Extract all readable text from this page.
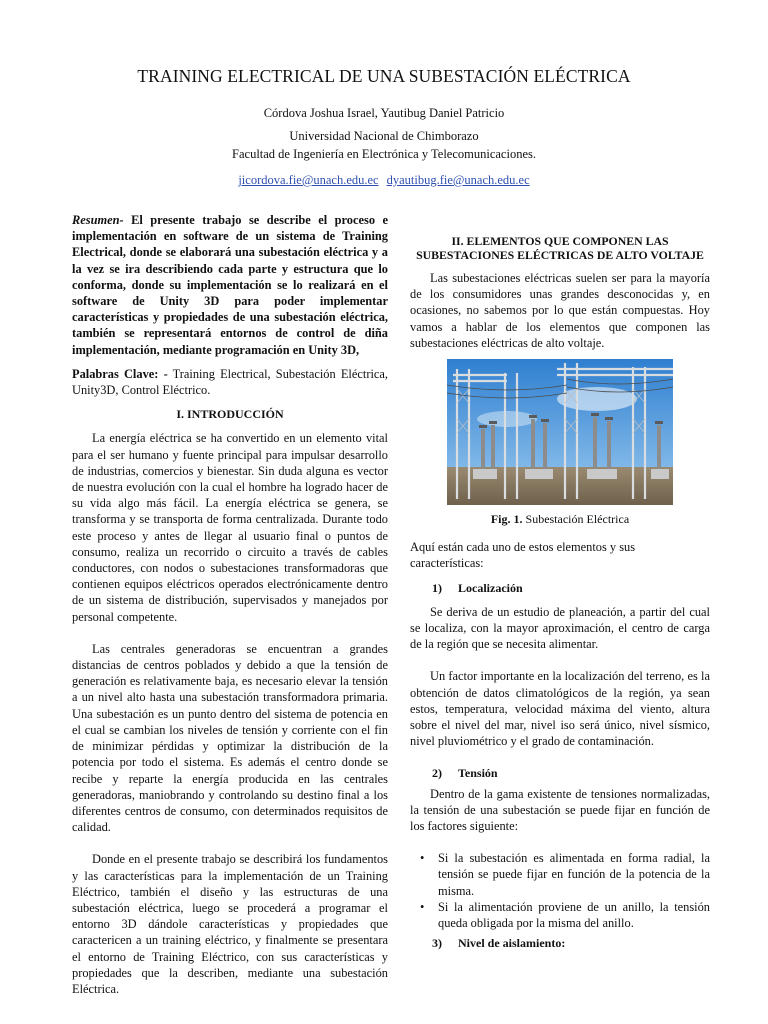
TRAINING ELECTRICAL DE UNA SUBESTACIÓN ELÉCTRICA
Córdova Joshua Israel, Yautibug Daniel Patricio
Universidad Nacional de Chimborazo
Facultad de Ingeniería en Electrónica y Telecomunicaciones.
jicordova.fie@unach.edu.ec dyautibug.fie@unach.edu.ec

Resumen- El presente trabajo se describe el proceso e implementación en software de un sistema de Training Electrical, donde se elaborará una subestación eléctrica y a la vez se ira describiendo cada parte y estructura que lo conforma, donde su implementación se lo realizará en el software de Unity 3D para poder implementar características y propiedades de una subestación eléctrica, también se representará entornos de control de diña implementación, mediante programación en Unity 3D,

Palabras Clave: - Training Electrical, Subestación Eléctrica, Unity3D, Control Eléctrico.

I. INTRODUCCIÓN

La energía eléctrica se ha convertido en un elemento vital para el ser humano y fuente principal para impulsar desarrollo de industrias, comercios y bienestar. Sin duda alguna es vector de nuestra evolución con la cual el hombre ha logrado hacer de su vida algo más fácil. La energía eléctrica se genera, se transforma y se transporta de forma centralizada. Durante todo este proceso y antes de llegar al usuario final o puntos de consumo, realiza un recorrido o circuito a través de cables conductores, con nodos o subestaciones transformadoras que contienen equipos eléctricos operados electrónicamente dentro de un sistema de distribución, supervisados y manejados por personal competente.

Las centrales generadoras se encuentran a grandes distancias de centros poblados y debido a que la tensión de generación es relativamente baja, es necesario elevar la tensión a un nivel alto hasta una subestación transformadora primaria. Una subestación es un punto dentro del sistema de potencia en el cual se cambian los niveles de tensión y corriente con el fin de minimizar pérdidas y optimizar la distribución de la potencia por todo el sistema. Es además el centro donde se recibe y reparte la energía producida en las centrales generadoras, maniobrando y controlando su destino final a los diferentes centros de consumo, con determinados requisitos de calidad.

Donde en el presente trabajo se describirá los fundamentos y las características para la implementación de un Training Eléctrico, también el diseño y las estructuras de una subestación eléctrica, luego se procederá a programar el entorno 3D dándole características y propiedades que caractericen a un training eléctrico, y finalmente se presentara el entorno de Training Eléctrico, con sus características y propiedades que la describen, mediante una subestación Eléctrica.

II. ELEMENTOS QUE COMPONEN LAS SUBESTACIONES ELÉCTRICAS DE ALTO VOLTAJE

Las subestaciones eléctricas suelen ser para la mayoría de los consumidores unas grandes desconocidas y, en ocasiones, no sabemos por lo que están compuestas. Hoy vamos a hablar de los elementos que componen las subestaciones eléctricas de alto voltaje.

Fig. 1. Subestación Eléctrica

Aquí están cada uno de estos elementos y sus características:

1) Localización

Se deriva de un estudio de planeación, a partir del cual se localiza, con la mayor aproximación, el centro de carga de la región que se necesita alimentar.

Un factor importante en la localización del terreno, es la obtención de datos climatológicos de la región, ya sean estos, temperatura, velocidad máxima del viento, altura sobre el nivel del mar, nivel iso será único, nivel sísmico, nivel pluviométrico y el grado de contaminación.

2) Tensión

Dentro de la gama existente de tensiones normalizadas, la tensión de una subestación se puede fijar en función de los factores siguiente:

• Si la subestación es alimentada en forma radial, la tensión se puede fijar en función de la potencia de la misma.
• Si la alimentación proviene de un anillo, la tensión queda obligada por la misma del anillo.

3) Nivel de aislamiento:
